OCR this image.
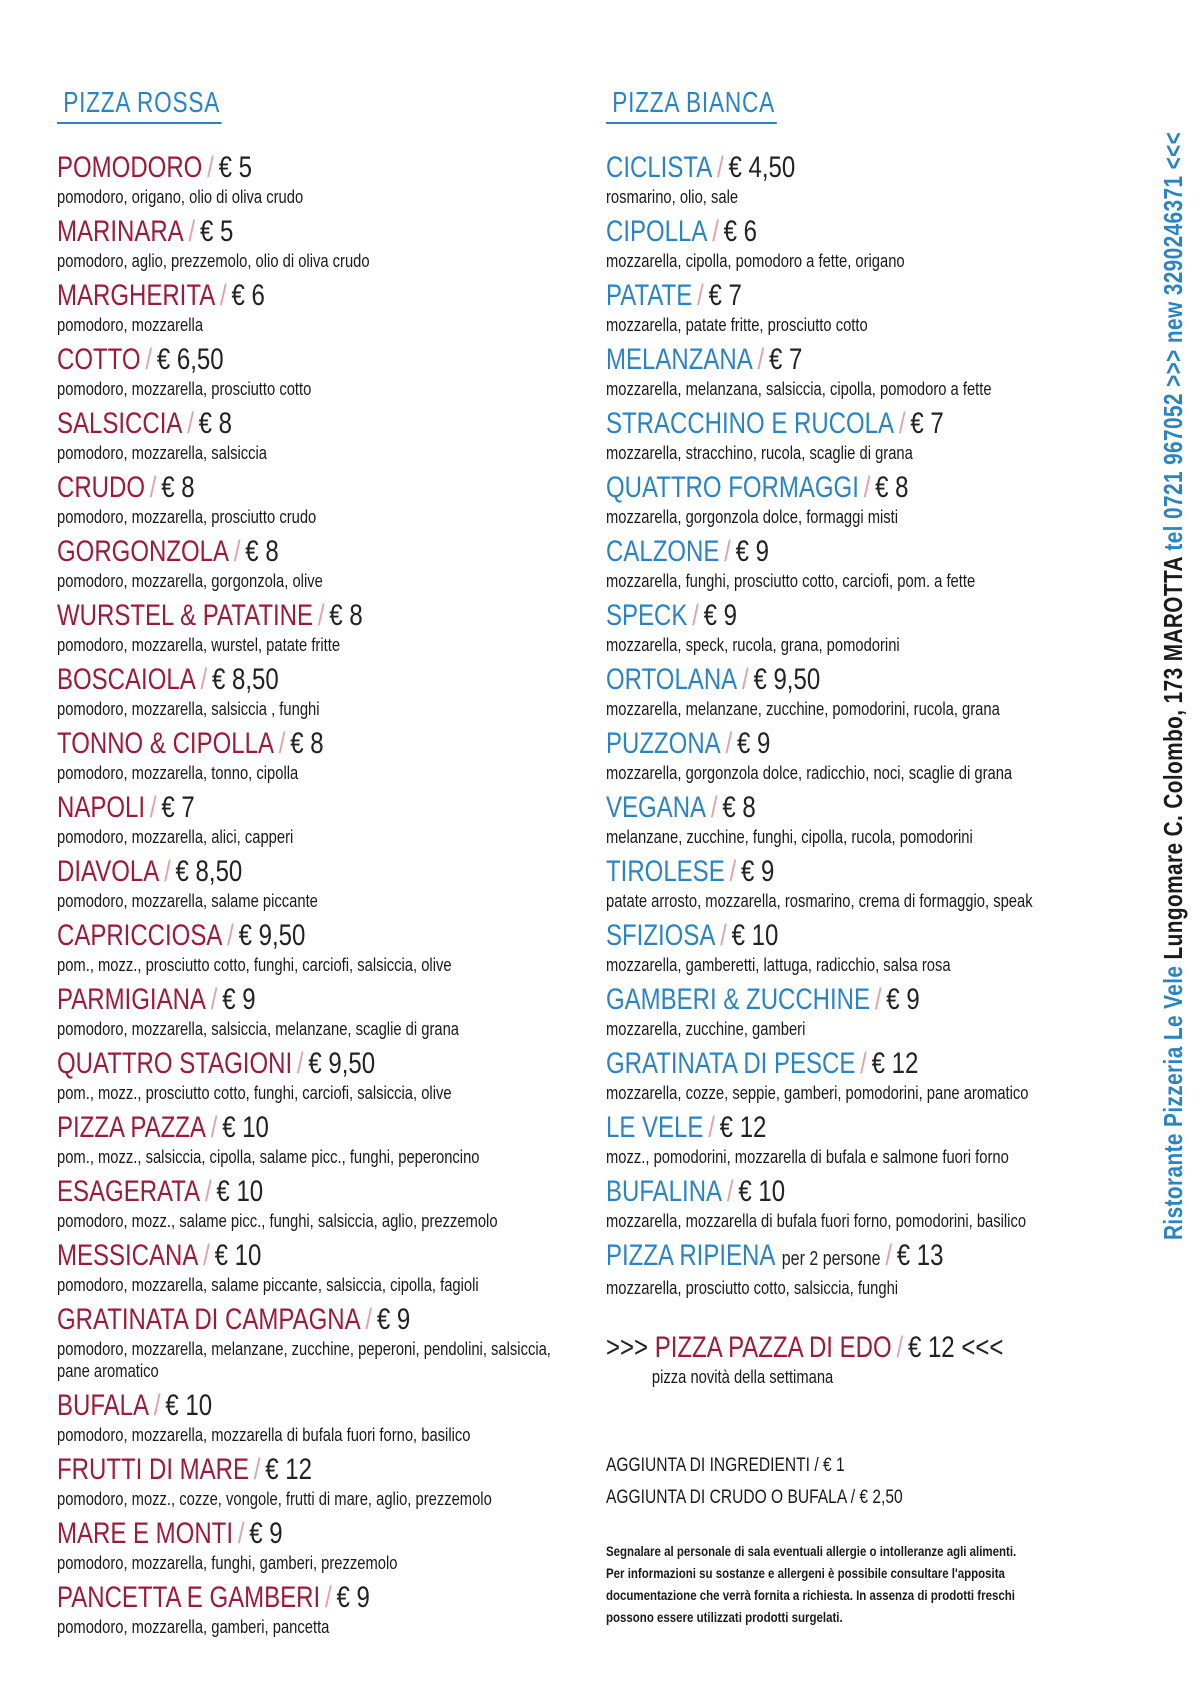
PIZZA ROSSA
POMODORO / € 5
pomodoro, origano, olio di oliva crudo
MARINARA / € 5
pomodoro, aglio, prezzemolo, olio di oliva crudo
MARGHERITA / € 6
pomodoro, mozzarella
COTTO / € 6,50
pomodoro, mozzarella, prosciutto cotto
SALSICCIA / € 8
pomodoro, mozzarella, salsiccia
CRUDO / € 8
pomodoro, mozzarella, prosciutto crudo
GORGONZOLA / € 8
pomodoro, mozzarella, gorgonzola, olive
WURSTEL & PATATINE / € 8
pomodoro, mozzarella, wurstel, patate fritte
BOSCAIOLA / € 8,50
pomodoro, mozzarella, salsiccia , funghi
TONNO & CIPOLLA / € 8
pomodoro, mozzarella, tonno, cipolla
NAPOLI / € 7
pomodoro, mozzarella, alici, capperi
DIAVOLA / € 8,50
pomodoro, mozzarella, salame piccante
CAPRICCIOSA / € 9,50
pom., mozz., prosciutto cotto, funghi, carciofi, salsiccia, olive
PARMIGIANA / € 9
pomodoro, mozzarella, salsiccia, melanzane, scaglie di grana
QUATTRO STAGIONI / € 9,50
pom., mozz., prosciutto cotto, funghi, carciofi, salsiccia, olive
PIZZA PAZZA / € 10
pom., mozz., salsiccia, cipolla, salame picc., funghi, peperoncino
ESAGERATA / € 10
pomodoro, mozz., salame picc., funghi, salsiccia, aglio, prezzemolo
MESSICANA / € 10
pomodoro, mozzarella, salame piccante, salsiccia, cipolla, fagioli
GRATINATA DI CAMPAGNA / € 9
pomodoro, mozzarella, melanzane, zucchine, peperoni, pendolini, salsiccia, pane aromatico
BUFALA / € 10
pomodoro, mozzarella, mozzarella di bufala fuori forno, basilico
FRUTTI DI MARE / € 12
pomodoro, mozz., cozze, vongole, frutti di mare, aglio, prezzemolo
MARE E MONTI / € 9
pomodoro, mozzarella, funghi, gamberi, prezzemolo
PANCETTA E GAMBERI / € 9
pomodoro, mozzarella, gamberi, pancetta
PIZZA BIANCA
CICLISTA / € 4,50
rosmarino, olio, sale
CIPOLLA / € 6
mozzarella, cipolla, pomodoro a fette, origano
PATATE / € 7
mozzarella, patate fritte, prosciutto cotto
MELANZANA / € 7
mozzarella, melanzana, salsiccia, cipolla, pomodoro a fette
STRACCHINO E RUCOLA / € 7
mozzarella, stracchino, rucola, scaglie di grana
QUATTRO FORMAGGI / € 8
mozzarella, gorgonzola dolce, formaggi misti
CALZONE / € 9
mozzarella, funghi, prosciutto cotto, carciofi, pom. a fette
SPECK / € 9
mozzarella, speck, rucola, grana, pomodorini
ORTOLANA / € 9,50
mozzarella, melanzane, zucchine, pomodorini, rucola, grana
PUZZONA / € 9
mozzarella, gorgonzola dolce, radicchio, noci, scaglie di grana
VEGANA / € 8
melanzane, zucchine, funghi, cipolla, rucola, pomodorini
TIROLESE / € 9
patate arrosto, mozzarella, rosmarino, crema di formaggio, speak
SFIZIOSA / € 10
mozzarella, gamberetti, lattuga, radicchio, salsa rosa
GAMBERI & ZUCCHINE / € 9
mozzarella, zucchine, gamberi
GRATINATA DI PESCE / € 12
mozzarella, cozze, seppie, gamberi, pomodorini, pane aromatico
LE VELE / € 12
mozz., pomodorini, mozzarella di bufala e salmone fuori forno
BUFALINA / € 10
mozzarella, mozzarella di bufala fuori forno, pomodorini, basilico
PIZZA RIPIENA per 2 persone / € 13
mozzarella, prosciutto cotto, salsiccia, funghi
>>> PIZZA PAZZA DI EDO / € 12 <<<
pizza novità della settimana
AGGIUNTA DI INGREDIENTI / € 1
AGGIUNTA DI CRUDO O BUFALA / € 2,50

Segnalare al personale di sala eventuali allergie o intolleranze agli alimenti.

Per informazioni su sostanze e allergeni è possibile consultare l'apposita

documentazione che verrà fornita a richiesta. In assenza di prodotti freschi

possono essere utilizzati prodotti surgelati.

Ristorante Pizzeria Le Vele Lungomare C. Colombo, 173 MAROTTA tel 0721 967052 >>> new 3290246371 <<<
